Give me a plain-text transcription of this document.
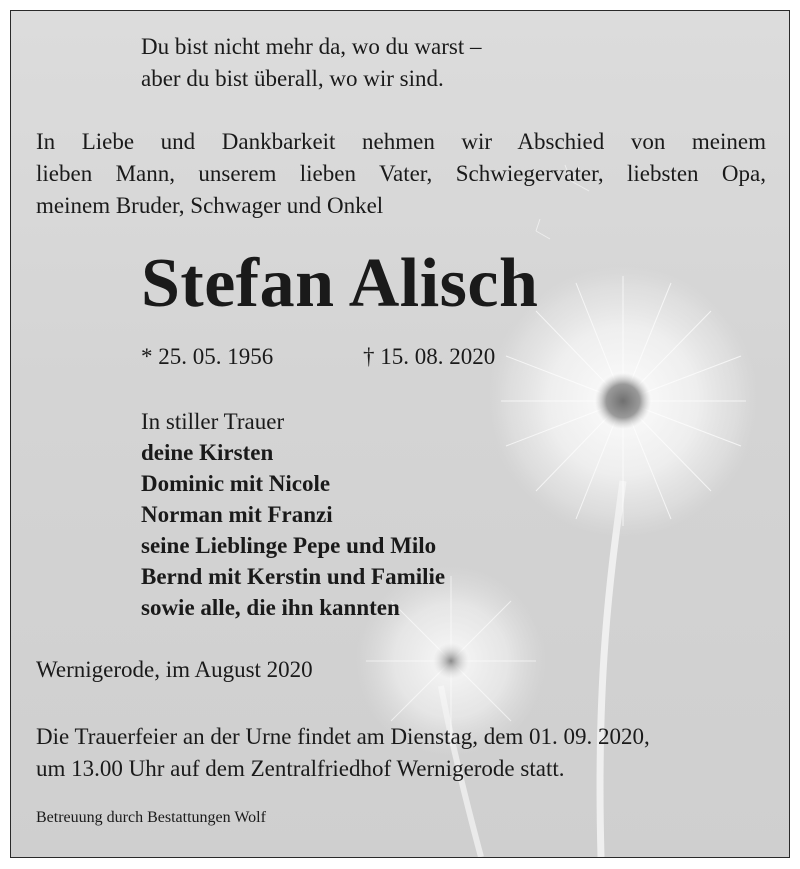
Du bist nicht mehr da, wo du warst –
aber du bist überall, wo wir sind.
In Liebe und Dankbarkeit nehmen wir Abschied von meinem
lieben Mann, unserem lieben Vater, Schwiegervater, liebsten Opa,
meinem Bruder, Schwager und Onkel
Stefan Alisch
* 25. 05. 1956	† 15. 08. 2020
In stiller Trauer
deine Kirsten
Dominic mit Nicole
Norman mit Franzi
seine Lieblinge Pepe und Milo
Bernd mit Kerstin und Familie
sowie alle, die ihn kannten
Wernigerode, im August 2020
Die Trauerfeier an der Urne findet am Dienstag, dem 01. 09. 2020,
um 13.00 Uhr auf dem Zentralfriedhof Wernigerode statt.
Betreuung durch Bestattungen Wolf
